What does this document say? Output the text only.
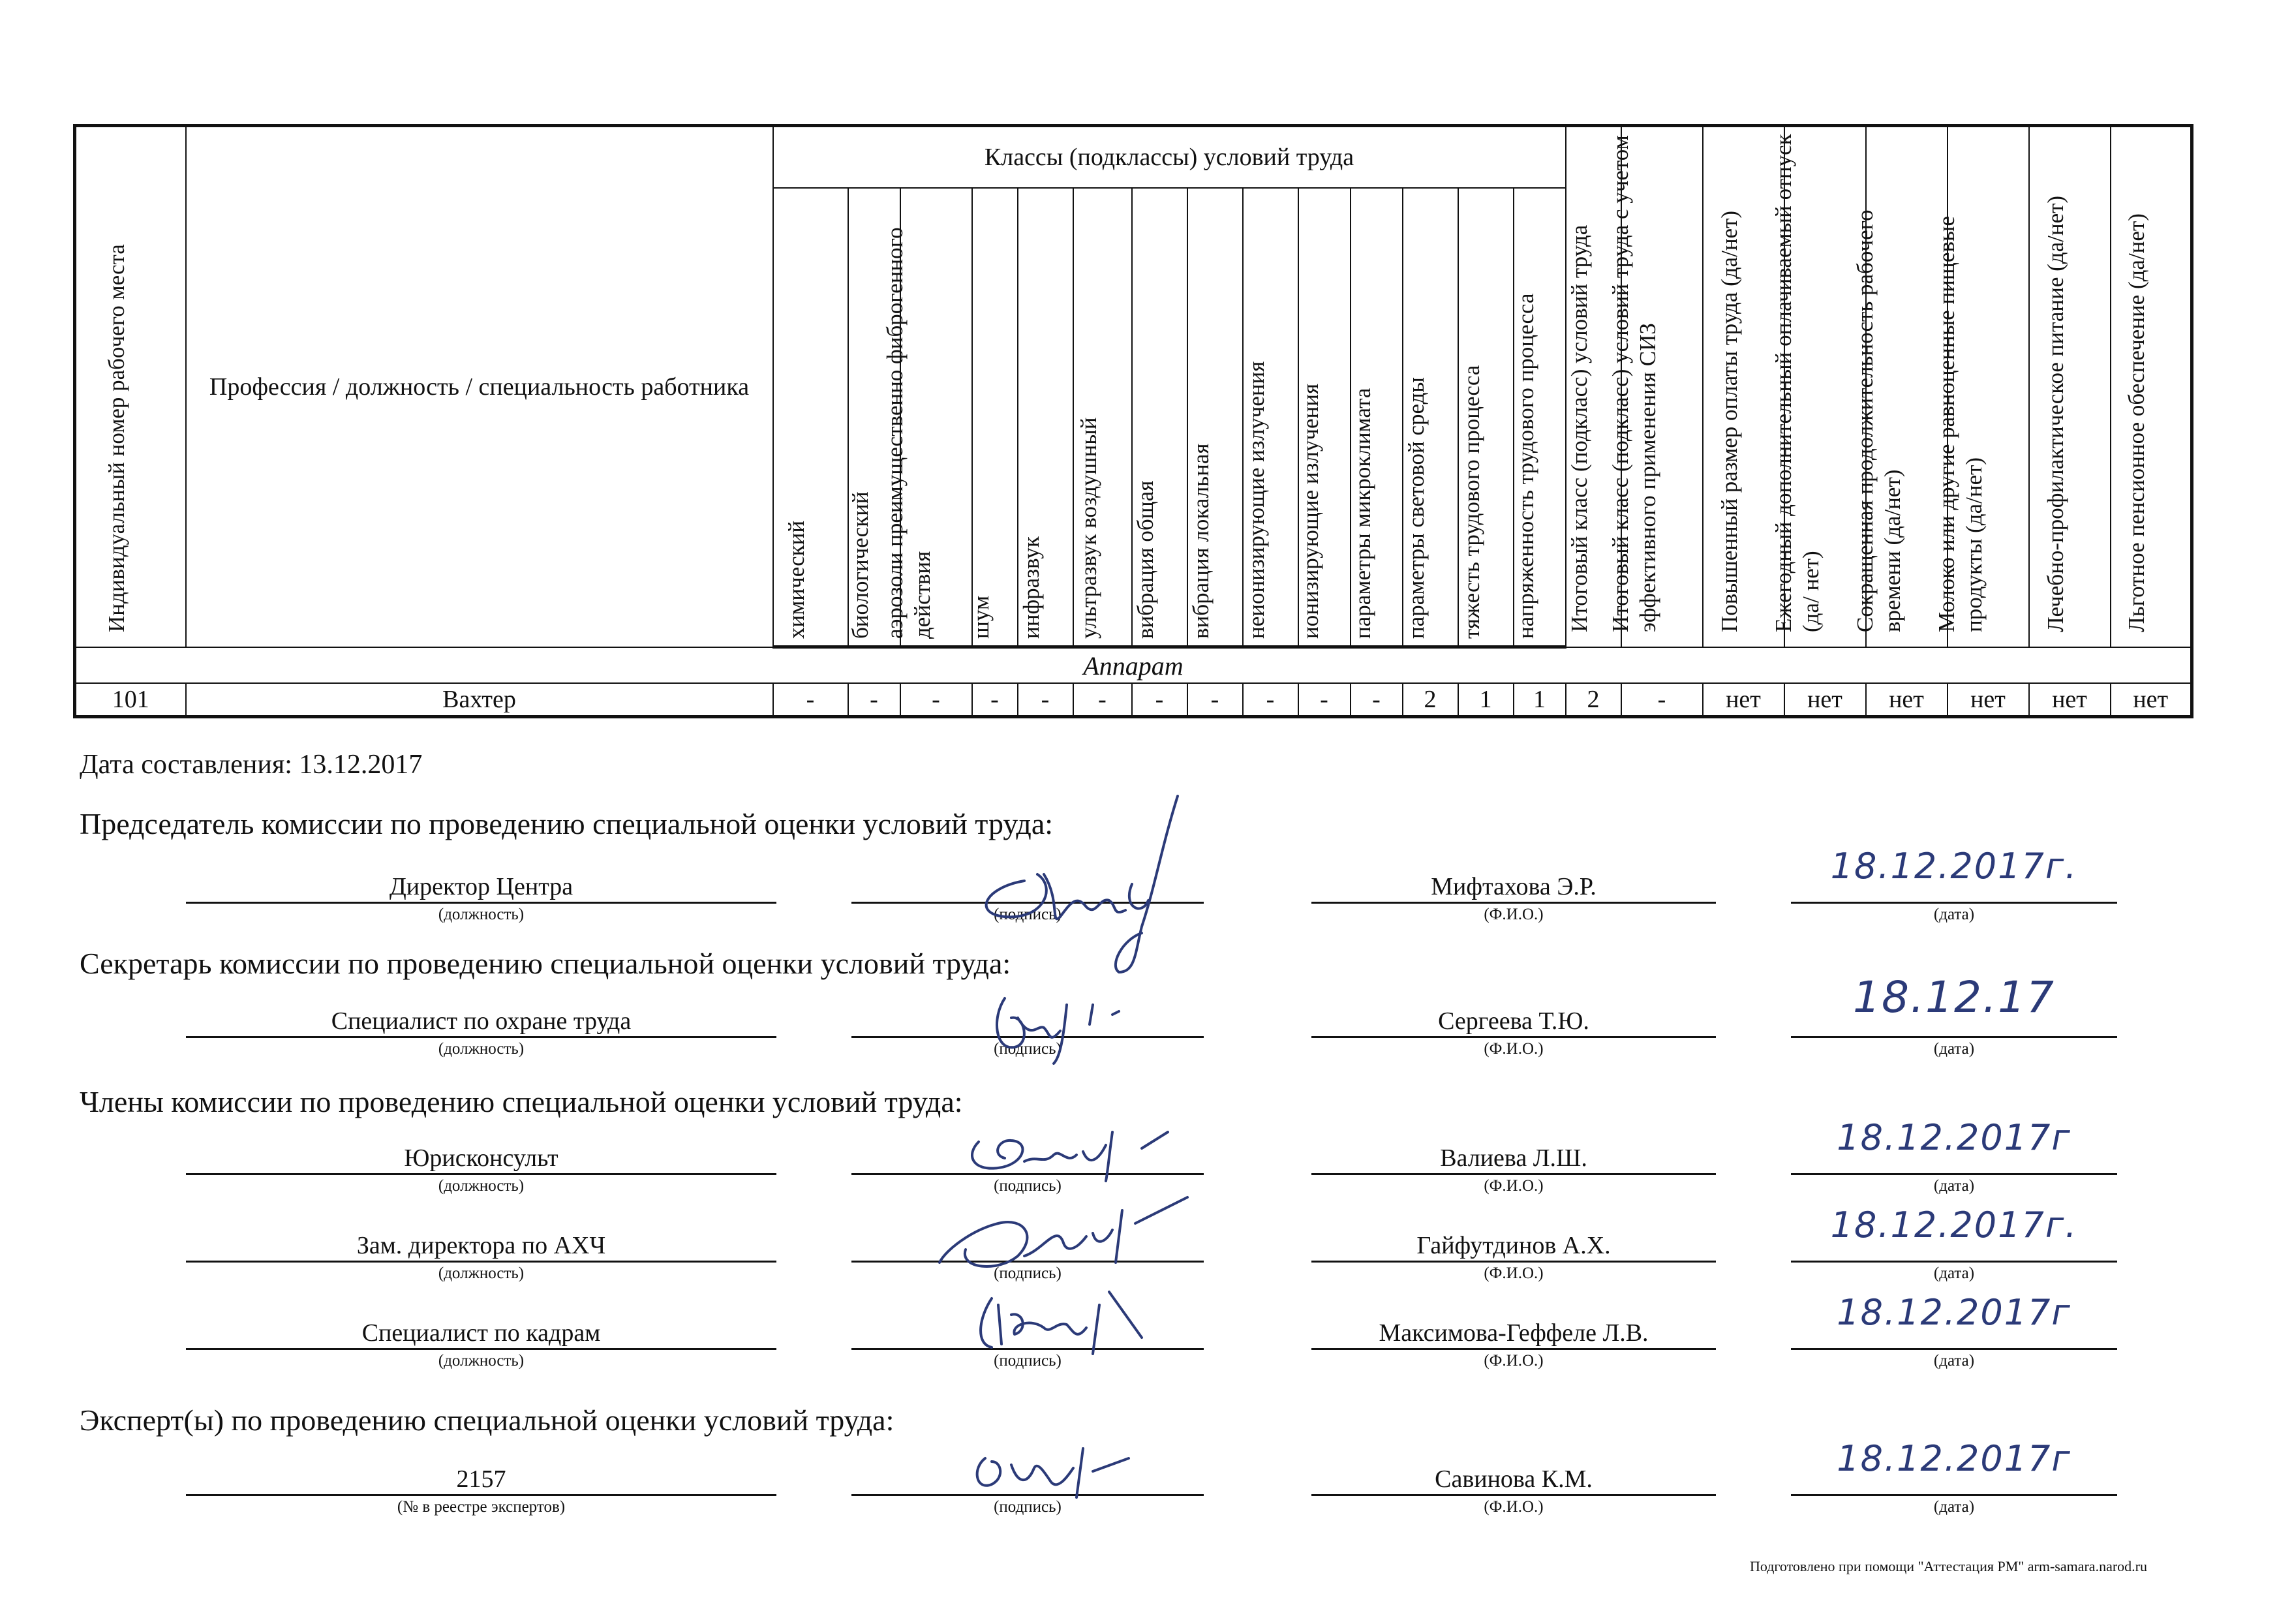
Индивидуальный номер рабочего места	Профессия / должность / специальность работника	Классы (подклассы) условий труда														Итоговый класс (подкласс) условий труда	Итоговый класс (подкласс) условий труда с учетом эффективного применения СИЗ	Повышенный размер оплаты труда (да/нет)	Ежегодный дополнительный оплачиваемый отпуск (да/ нет)	Сокращенная продолжительность рабочего времени (да/нет)	Молоко или другие равноценные пищевые продукты (да/нет)	Лечебно-профилактическое питание (да/нет)	Льготное пенсионное обеспечение (да/нет)

		химический	биологический	аэрозоли преимущественно фиброгенного действия	шум	инфразвук	ультразвук воздушный	вибрация общая	вибрация локальная	неионизирующие излучения	ионизирующие излучения	параметры микроклимата	параметры световой среды	тяжесть трудового процесса	напряженность трудового процесса								

Аппарат																							
101	Вахтер	-	-	-	-	-	-	-	-	-	-	-	2	1	1	2	-	нет	нет	нет	нет	нет	нет
Дата составления: 13.12.2017
Председатель комиссии по проведению специальной оценки условий труда:
Директор Центра
(должность)	(подпись)
Мифтахова Э.Р.
(Ф.И.О.)
18.12.2017г.
(дата)
Секретарь комиссии по проведению специальной оценки условий труда:
Специалист по охране труда
(должность)	(подпись)
Сергеева Т.Ю.
(Ф.И.О.)
18.12.17
(дата)
Члены комиссии по проведению специальной оценки условий труда:
Юрисконсульт
(должность)	(подпись)
Валиева Л.Ш.
(Ф.И.О.)
18.12.2017г
(дата)
Зам. директора по АХЧ
(должность)	(подпись)
Гайфутдинов А.Х.
(Ф.И.О.)
18.12.2017г.
(дата)
Специалист по кадрам
(должность)	(подпись)
Максимова-Геффеле Л.В.
(Ф.И.О.)
18.12.2017г
(дата)
Эксперт(ы) по проведению специальной оценки условий труда:
2157
(№ в реестре экспертов)	(подпись)
Савинова К.М.
(Ф.И.О.)
18.12.2017г
(дата)
Подготовлено при помощи "Аттестация РМ" arm-samara.narod.ru
